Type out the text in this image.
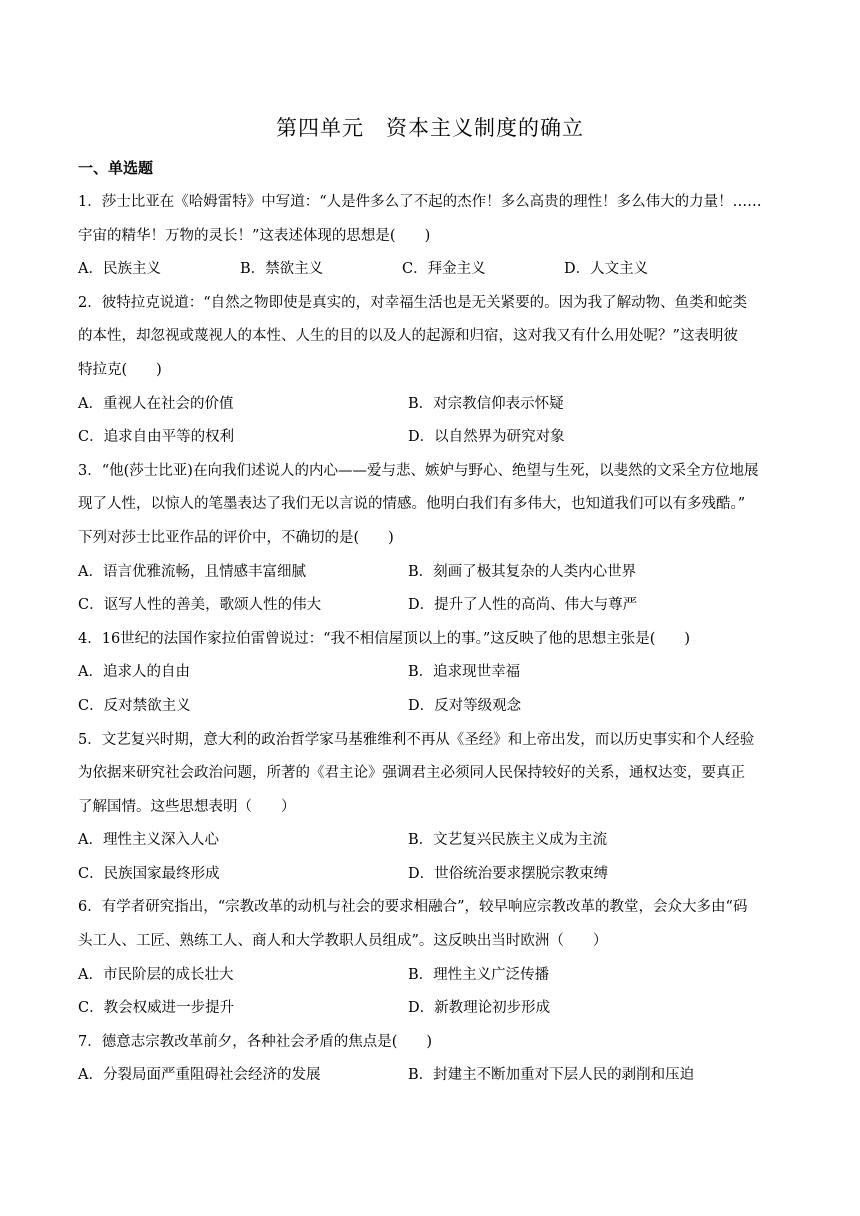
第四单元　资本主义制度的确立
一、单选题
1．莎士比亚在《哈姆雷特》中写道：“人是件多么了不起的杰作！多么高贵的理性！多么伟大的力量！……
宇宙的精华！万物的灵长！”这表述体现的思想是(　　)
A．民族主义	B．禁欲主义	C．拜金主义	D．人文主义
2．彼特拉克说道：“自然之物即使是真实的，对幸福生活也是无关紧要的。因为我了解动物、鱼类和蛇类
的本性，却忽视或蔑视人的本性、人生的目的以及人的起源和归宿，这对我又有什么用处呢？”这表明彼
特拉克(　　)
A．重视人在社会的价值	B．对宗教信仰表示怀疑
C．追求自由平等的权利	D．以自然界为研究对象
3．“他(莎士比亚)在向我们述说人的内心——爱与悲、嫉妒与野心、绝望与生死，以斐然的文采全方位地展
现了人性，以惊人的笔墨表达了我们无以言说的情感。他明白我们有多伟大，也知道我们可以有多残酷。”
下列对莎士比亚作品的评价中，不确切的是(　　)
A．语言优雅流畅，且情感丰富细腻	B．刻画了极其复杂的人类内心世界
C．讴写人性的善美，歌颂人性的伟大	D．提升了人性的高尚、伟大与尊严
4．16世纪的法国作家拉伯雷曾说过：“我不相信屋顶以上的事。”这反映了他的思想主张是(　　)
A．追求人的自由	B．追求现世幸福
C．反对禁欲主义	D．反对等级观念
5．文艺复兴时期，意大利的政治哲学家马基雅维利不再从《圣经》和上帝出发，而以历史事实和个人经验
为依据来研究社会政治问题，所著的《君主论》强调君主必须同人民保持较好的关系，通权达变，要真正
了解国情。这些思想表明（　　）
A．理性主义深入人心	B．文艺复兴民族主义成为主流
C．民族国家最终形成	D．世俗统治要求摆脱宗教束缚
6．有学者研究指出，“宗教改革的动机与社会的要求相融合”，较早响应宗教改革的教堂，会众大多由“码
头工人、工匠、熟练工人、商人和大学教职人员组成”。这反映出当时欧洲（　　）
A．市民阶层的成长壮大	B．理性主义广泛传播
C．教会权威进一步提升	D．新教理论初步形成
7．德意志宗教改革前夕，各种社会矛盾的焦点是(　　)
A．分裂局面严重阻碍社会经济的发展	B．封建主不断加重对下层人民的剥削和压迫
